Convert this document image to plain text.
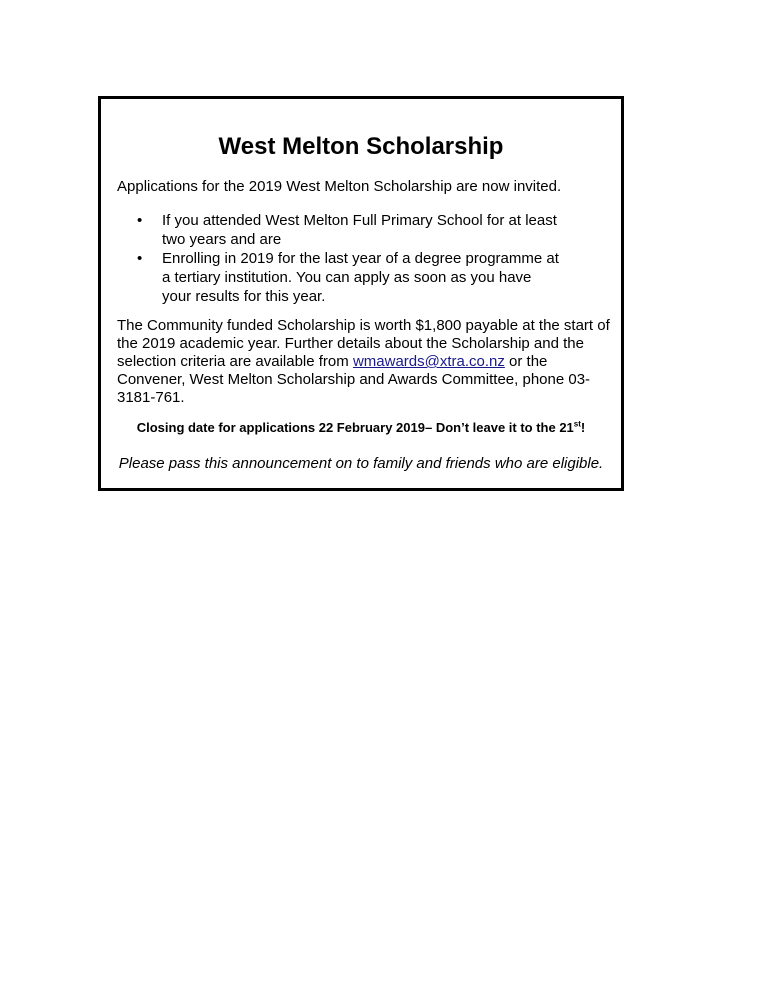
West Melton Scholarship

Applications for the 2019 West Melton Scholarship are now invited.

• If you attended West Melton Full Primary School for at least two years and are
• Enrolling in 2019 for the last year of a degree programme at a tertiary institution. You can apply as soon as you have your results for this year.

The Community funded Scholarship is worth $1,800 payable at the start of the 2019 academic year. Further details about the Scholarship and the selection criteria are available from wmawards@xtra.co.nz or the Convener, West Melton Scholarship and Awards Committee, phone 03-3181-761.

Closing date for applications 22 February 2019– Don’t leave it to the 21st!

Please pass this announcement on to family and friends who are eligible.
